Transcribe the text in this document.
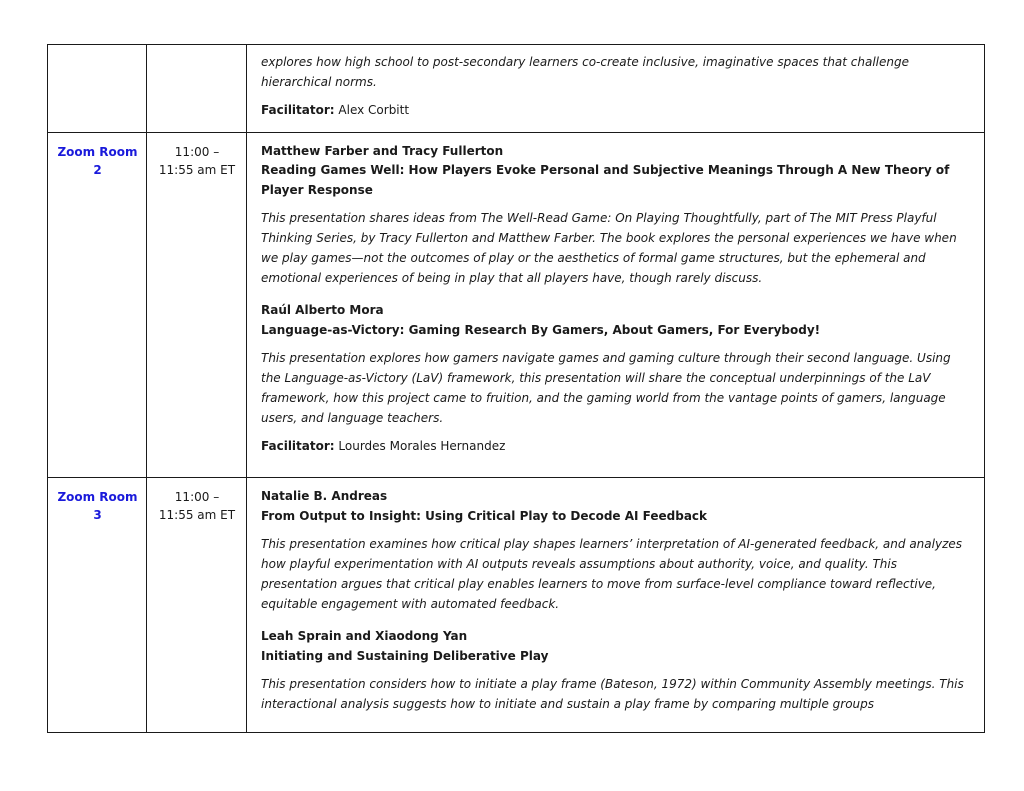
explores how high school to post-secondary learners co-create inclusive, imaginative spaces that challenge hierarchical norms.

Facilitator: Alex Corbitt

Zoom Room
2
11:00 –
11:55 am ET

Matthew Farber and Tracy Fullerton

Reading Games Well: How Players Evoke Personal and Subjective Meanings Through A New Theory of Player Response

This presentation shares ideas from The Well-Read Game: On Playing Thoughtfully, part of The MIT Press Playful Thinking Series, by Tracy Fullerton and Matthew Farber. The book explores the personal experiences we have when we play games—not the outcomes of play or the aesthetics of formal game structures, but the ephemeral and emotional experiences of being in play that all players have, though rarely discuss.

Raúl Alberto Mora

Language-as-Victory: Gaming Research By Gamers, About Gamers, For Everybody!

This presentation explores how gamers navigate games and gaming culture through their second language. Using the Language-as-Victory (LaV) framework, this presentation will share the conceptual underpinnings of the LaV framework, how this project came to fruition, and the gaming world from the vantage points of gamers, language users, and language teachers.

Facilitator: Lourdes Morales Hernandez

Zoom Room
3
11:00 –
11:55 am ET

Natalie B. Andreas

From Output to Insight: Using Critical Play to Decode AI Feedback

This presentation examines how critical play shapes learners’ interpretation of AI-generated feedback, and analyzes how playful experimentation with AI outputs reveals assumptions about authority, voice, and quality. This presentation argues that critical play enables learners to move from surface-level compliance toward reflective, equitable engagement with automated feedback.

Leah Sprain and Xiaodong Yan

Initiating and Sustaining Deliberative Play

This presentation considers how to initiate a play frame (Bateson, 1972) within Community Assembly meetings. This interactional analysis suggests how to initiate and sustain a play frame by comparing multiple groups
